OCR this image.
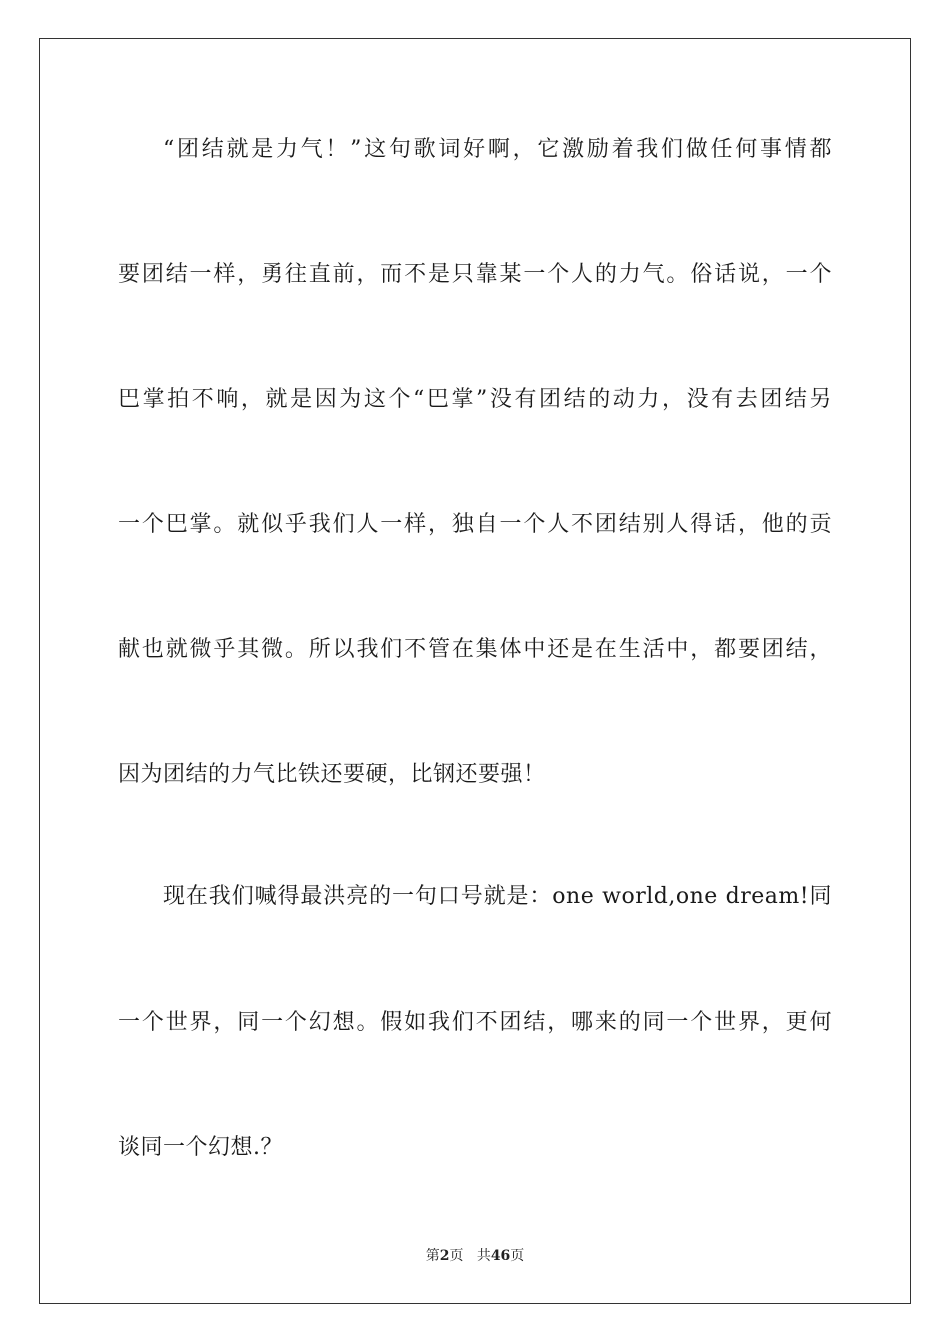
“团结就是力气！”这句歌词好啊，它激励着我们做任何事情都
要团结一样，勇往直前，而不是只靠某一个人的力气。俗话说，一个
巴掌拍不响，就是因为这个“巴掌”没有团结的动力，没有去团结另
一个巴掌。就似乎我们人一样，独自一个人不团结别人得话，他的贡
献也就微乎其微。所以我们不管在集体中还是在生活中，都要团结，
因为团结的力气比铁还要硬，比钢还要强！
现在我们喊得最洪亮的一句口号就是：one world,one dream!同
一个世界，同一个幻想。假如我们不团结，哪来的同一个世界，更何
谈同一个幻想.？
第2页 共46页
